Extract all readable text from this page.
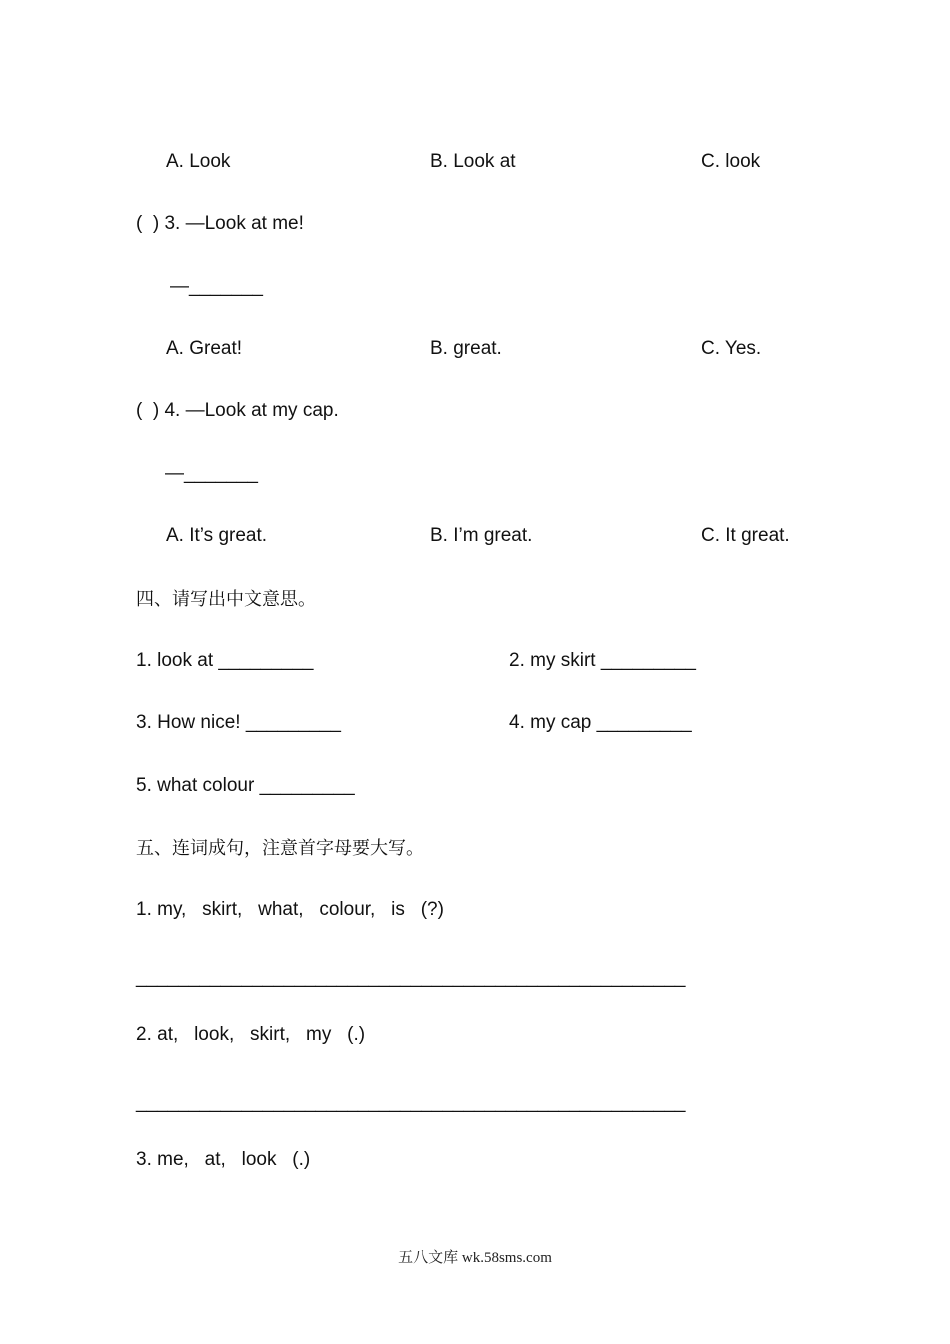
A. Look	B. Look at	C. look
(  ) 3. —Look at me!
—_______
A. Great!	B. great.	C. Yes.
(  ) 4. —Look at my cap.
—_______
A. It’s great.	B. I’m great.	C. It great.
四、请写出中文意思。
1. look at _________	2. my skirt _________
3. How nice! _________	4. my cap _________
5. what colour _________
五、连词成句，注意首字母要大写。
1. my,   skirt,   what,   colour,   is   (?)
____________________________________________________
2. at,   look,   skirt,   my   (.)
____________________________________________________
3. me,   at,   look   (.)
五八文库 wk.58sms.com
